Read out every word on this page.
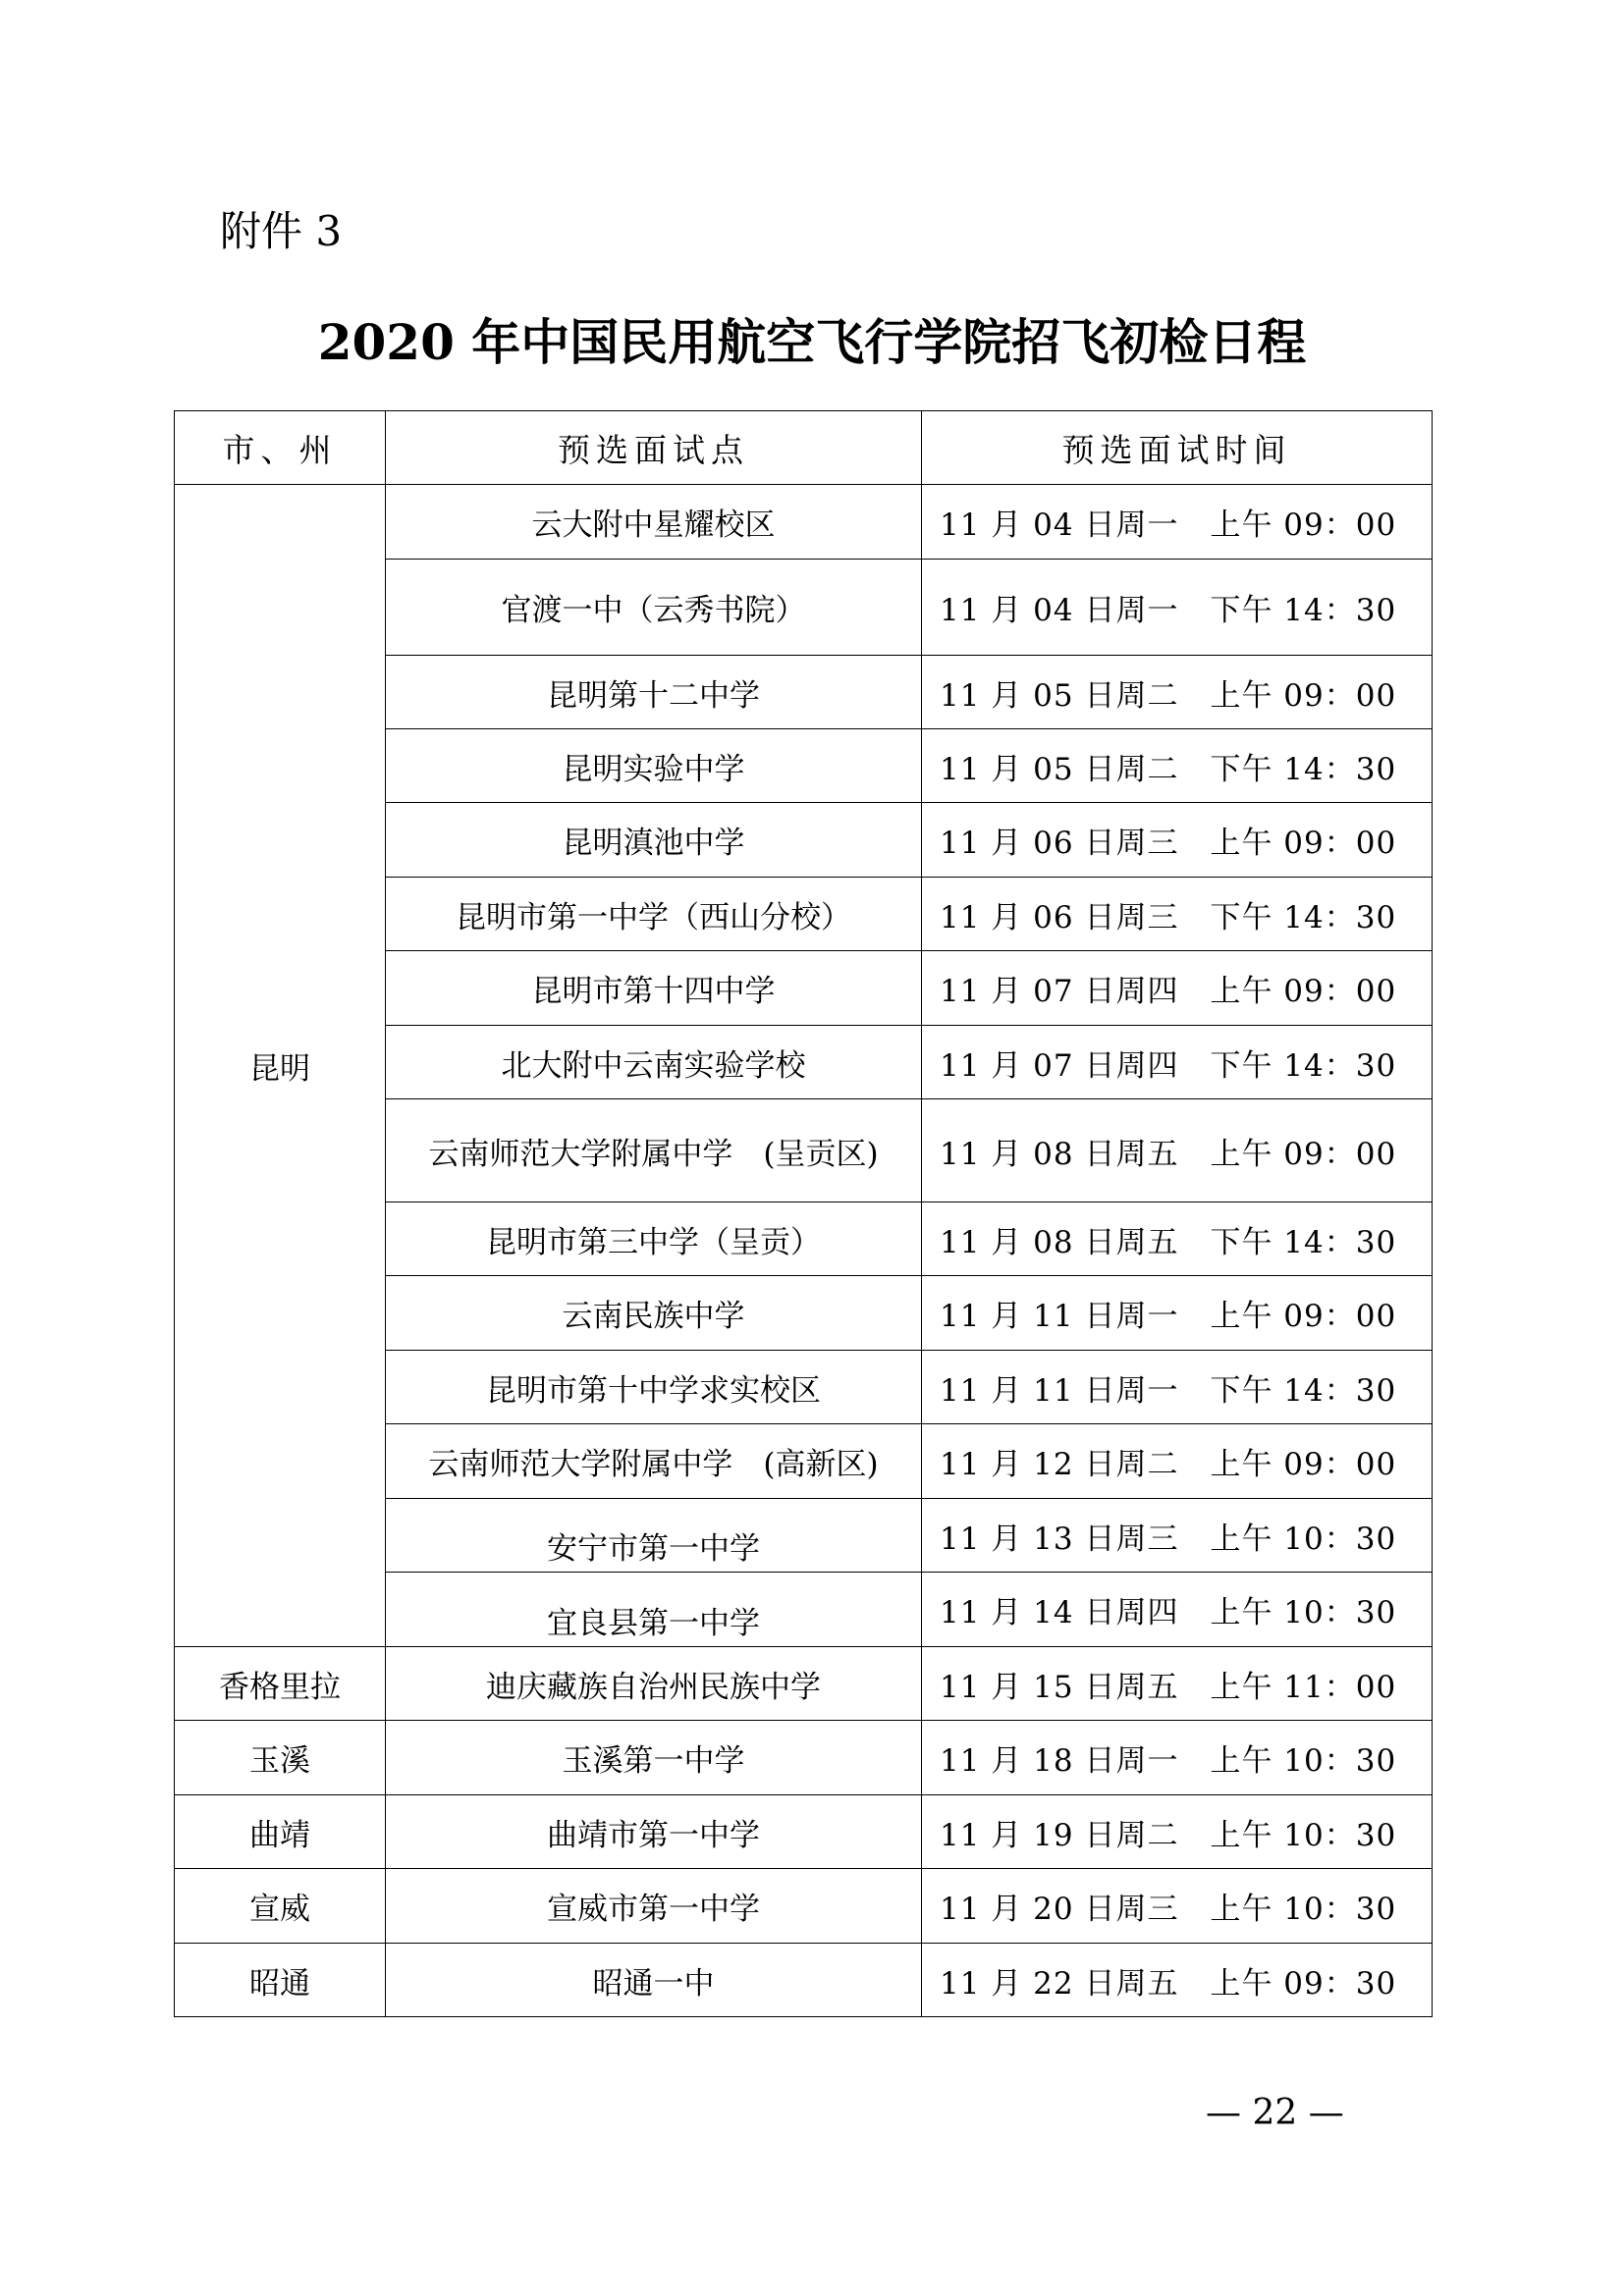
附件 3
2020 年中国民用航空飞行学院招飞初检日程
市、州	预选面试点	预选面试时间
昆明	云大附中星耀校区	11 月 04 日周一　上午 09：00
	官渡一中（云秀书院）	11 月 04 日周一　下午 14：30
	昆明第十二中学	11 月 05 日周二　上午 09：00
	昆明实验中学	11 月 05 日周二　下午 14：30
	昆明滇池中学	11 月 06 日周三　上午 09：00
	昆明市第一中学（西山分校）	11 月 06 日周三　下午 14：30
	昆明市第十四中学	11 月 07 日周四　上午 09：00
	北大附中云南实验学校	11 月 07 日周四　下午 14：30
	云南师范大学附属中学　(呈贡区)	11 月 08 日周五　上午 09：00
	昆明市第三中学（呈贡）	11 月 08 日周五　下午 14：30
	云南民族中学	11 月 11 日周一　上午 09：00
	昆明市第十中学求实校区	11 月 11 日周一　下午 14：30
	云南师范大学附属中学　(高新区)	11 月 12 日周二　上午 09：00
	安宁市第一中学	11 月 13 日周三　上午 10：30
	宜良县第一中学	11 月 14 日周四　上午 10：30
香格里拉	迪庆藏族自治州民族中学	11 月 15 日周五　上午 11：00
玉溪	玉溪第一中学	11 月 18 日周一　上午 10：30
曲靖	曲靖市第一中学	11 月 19 日周二　上午 10：30
宣威	宣威市第一中学	11 月 20 日周三　上午 10：30
昭通	昭通一中	11 月 22 日周五　上午 09：30
— 22 —
